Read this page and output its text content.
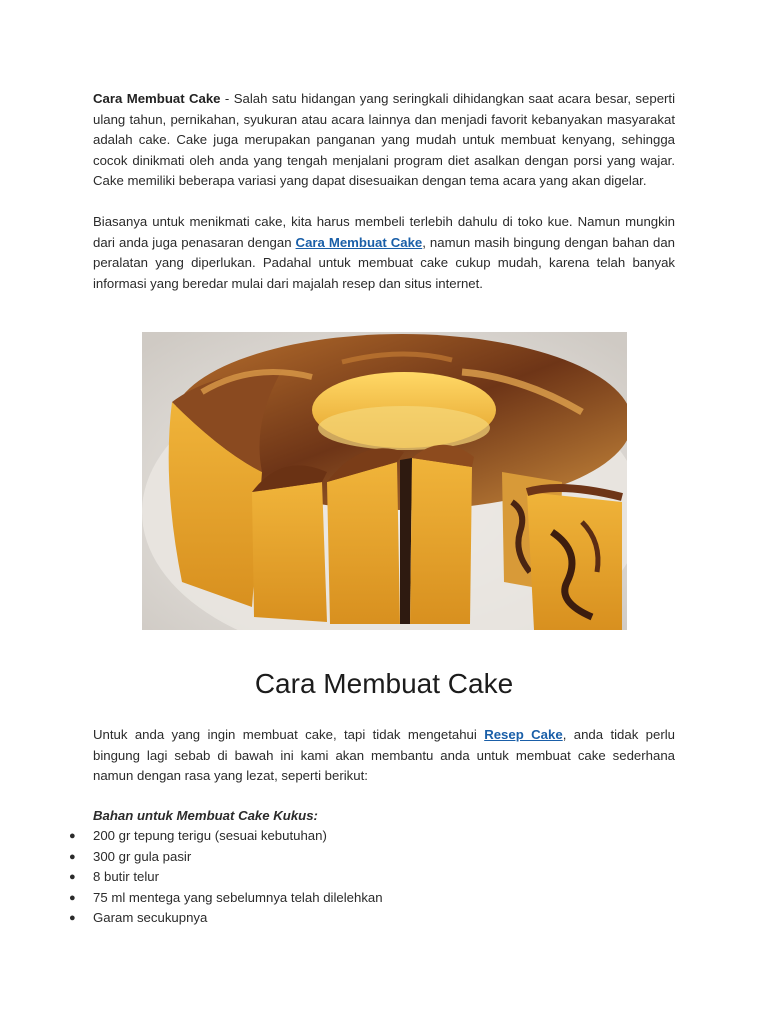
Cara Membuat Cake - Salah satu hidangan yang seringkali dihidangkan saat acara besar, seperti ulang tahun, pernikahan, syukuran atau acara lainnya dan menjadi favorit kebanyakan masyarakat adalah cake. Cake juga merupakan panganan yang mudah untuk membuat kenyang, sehingga cocok dinikmati oleh anda yang tengah menjalani program diet asalkan dengan porsi yang wajar. Cake memiliki beberapa variasi yang dapat disesuaikan dengan tema acara yang akan digelar.

Biasanya untuk menikmati cake, kita harus membeli terlebih dahulu di toko kue. Namun mungkin dari anda juga penasaran dengan Cara Membuat Cake, namun masih bingung dengan bahan dan peralatan yang diperlukan. Padahal untuk membuat cake cukup mudah, karena telah banyak informasi yang beredar mulai dari majalah resep dan situs internet.

Cara Membuat Cake

Untuk anda yang ingin membuat cake, tapi tidak mengetahui Resep Cake, anda tidak perlu bingung lagi sebab di bawah ini kami akan membantu anda untuk membuat cake sederhana namun dengan rasa yang lezat, seperti berikut:

Bahan untuk Membuat Cake Kukus:
● 200 gr tepung terigu (sesuai kebutuhan)
● 300 gr gula pasir
● 8 butir telur
● 75 ml mentega yang sebelumnya telah dilelehkan
● Garam secukupnya
